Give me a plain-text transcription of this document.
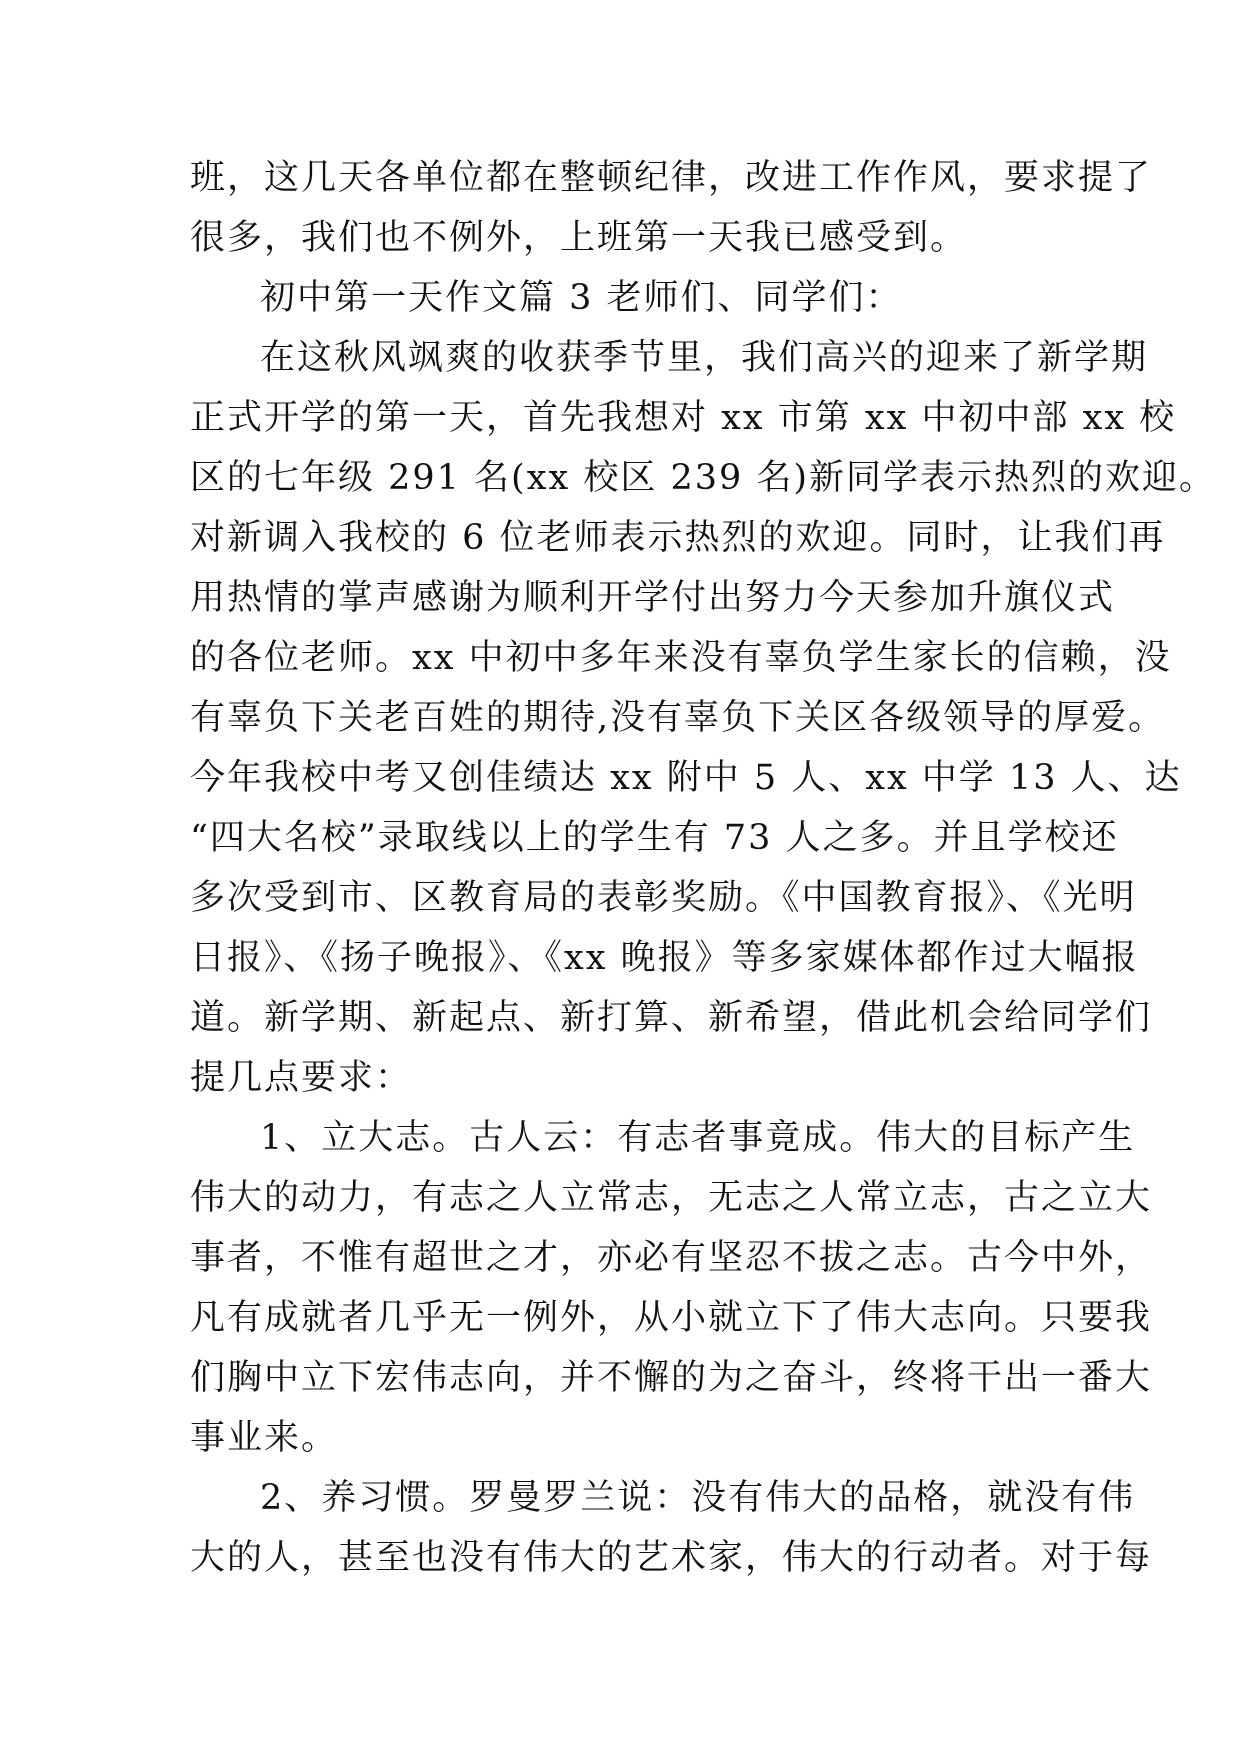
班，这几天各单位都在整顿纪律，改进工作作风，要求提了
很多，我们也不例外，上班第一天我已感受到。
初中第一天作文篇 3 老师们、同学们：
在这秋风飒爽的收获季节里，我们高兴的迎来了新学期
正式开学的第一天，首先我想对 xx 市第 xx 中初中部 xx 校
区的七年级 291 名(xx 校区 239 名)新同学表示热烈的欢迎。
对新调入我校的 6 位老师表示热烈的欢迎。同时，让我们再
用热情的掌声感谢为顺利开学付出努力今天参加升旗仪式
的各位老师。xx 中初中多年来没有辜负学生家长的信赖，没
有辜负下关老百姓的期待,没有辜负下关区各级领导的厚爱。
今年我校中考又创佳绩达 xx 附中 5 人、xx 中学 13 人、达
“四大名校”录取线以上的学生有 73 人之多。并且学校还
多次受到市、区教育局的表彰奖励。《中国教育报》、《光明
日报》、《扬子晚报》、《xx 晚报》等多家媒体都作过大幅报
道。新学期、新起点、新打算、新希望，借此机会给同学们
提几点要求：
1、立大志。古人云：有志者事竟成。伟大的目标产生
伟大的动力，有志之人立常志，无志之人常立志，古之立大
事者，不惟有超世之才，亦必有坚忍不拔之志。古今中外，
凡有成就者几乎无一例外，从小就立下了伟大志向。只要我
们胸中立下宏伟志向，并不懈的为之奋斗，终将干出一番大
事业来。
2、养习惯。罗曼罗兰说：没有伟大的品格，就没有伟
大的人，甚至也没有伟大的艺术家，伟大的行动者。对于每
